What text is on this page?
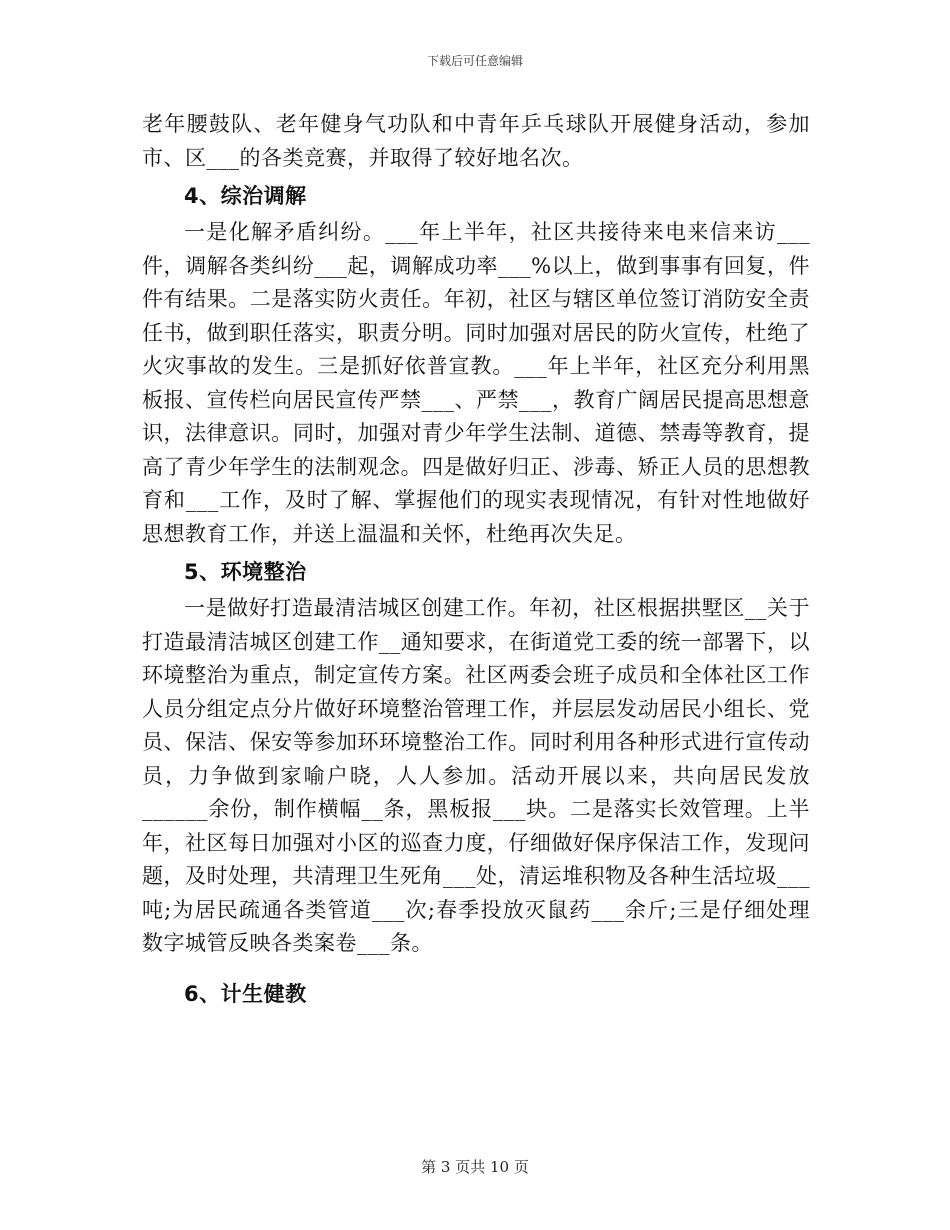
下载后可任意编辑

老年腰鼓队、老年健身气功队和中青年乒乓球队开展健身活动，参加市、区___的各类竞赛，并取得了较好地名次。

4、综治调解

一是化解矛盾纠纷。___年上半年，社区共接待来电来信来访___件，调解各类纠纷___起，调解成功率___%以上，做到事事有回复，件件有结果。二是落实防火责任。年初，社区与辖区单位签订消防安全责任书，做到职任落实，职责分明。同时加强对居民的防火宣传，杜绝了火灾事故的发生。三是抓好依普宣教。___年上半年，社区充分利用黑板报、宣传栏向居民宣传严禁___、严禁___，教育广阔居民提高思想意识，法律意识。同时，加强对青少年学生法制、道德、禁毒等教育，提高了青少年学生的法制观念。四是做好归正、涉毒、矫正人员的思想教育和___工作，及时了解、掌握他们的现实表现情况，有针对性地做好思想教育工作，并送上温温和关怀，杜绝再次失足。

5、环境整治

一是做好打造最清洁城区创建工作。年初，社区根据拱墅区__关于打造最清洁城区创建工作__通知要求，在街道党工委的统一部署下，以环境整治为重点，制定宣传方案。社区两委会班子成员和全体社区工作人员分组定点分片做好环境整治管理工作，并层层发动居民小组长、党员、保洁、保安等参加环环境整治工作。同时利用各种形式进行宣传动员，力争做到家喻户晓，人人参加。活动开展以来，共向居民发放______余份，制作横幅__条，黑板报___块。二是落实长效管理。上半年，社区每日加强对小区的巡查力度，仔细做好保序保洁工作，发现问题，及时处理，共清理卫生死角___处，清运堆积物及各种生活垃圾___吨;为居民疏通各类管道___次;春季投放灭鼠药___余斤;三是仔细处理数字城管反映各类案卷___条。

6、计生健教
第 3 页共 10 页
